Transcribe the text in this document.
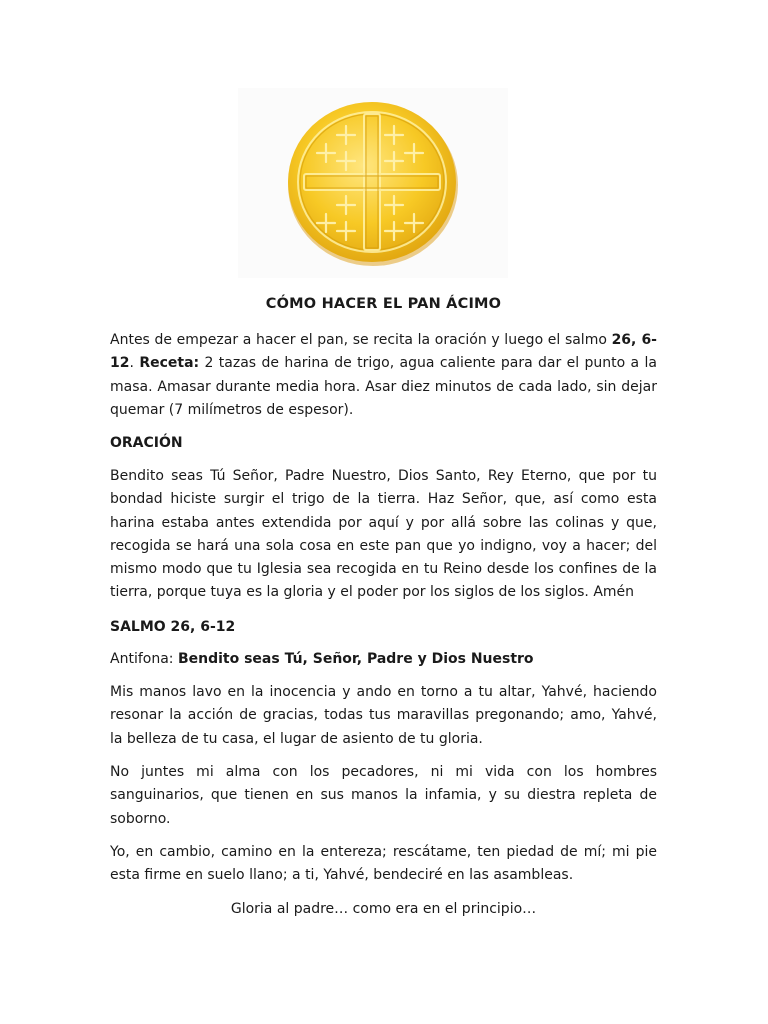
CÓMO HACER EL PAN ÁCIMO
Antes de empezar a hacer el pan, se recita la oración y luego el salmo 26, 6-12. Receta: 2 tazas de harina de trigo, agua caliente para dar el punto a la masa. Amasar durante media hora. Asar diez minutos de cada lado, sin dejar quemar (7 milímetros de espesor).
ORACIÓN
Bendito seas Tú Señor, Padre Nuestro, Dios Santo, Rey Eterno, que por tu bondad hiciste surgir el trigo de la tierra. Haz Señor, que, así como esta harina estaba antes extendida por aquí y por allá sobre las colinas y que, recogida se hará una sola cosa en este pan que yo indigno, voy a hacer; del mismo modo que tu Iglesia sea recogida en tu Reino desde los confines de la tierra, porque tuya es la gloria y el poder por los siglos de los siglos. Amén
SALMO 26, 6-12
Antifona: Bendito seas Tú, Señor, Padre y Dios Nuestro
Mis manos lavo en la inocencia y ando en torno a tu altar, Yahvé, haciendo resonar la acción de gracias, todas tus maravillas pregonando; amo, Yahvé, la belleza de tu casa, el lugar de asiento de tu gloria.
No juntes mi alma con los pecadores, ni mi vida con los hombres sanguinarios, que tienen en sus manos la infamia, y su diestra repleta de soborno.
Yo, en cambio, camino en la entereza; rescátame, ten piedad de mí; mi pie esta firme en suelo llano; a ti, Yahvé, bendeciré en las asambleas.
Gloria al padre… como era en el principio…
